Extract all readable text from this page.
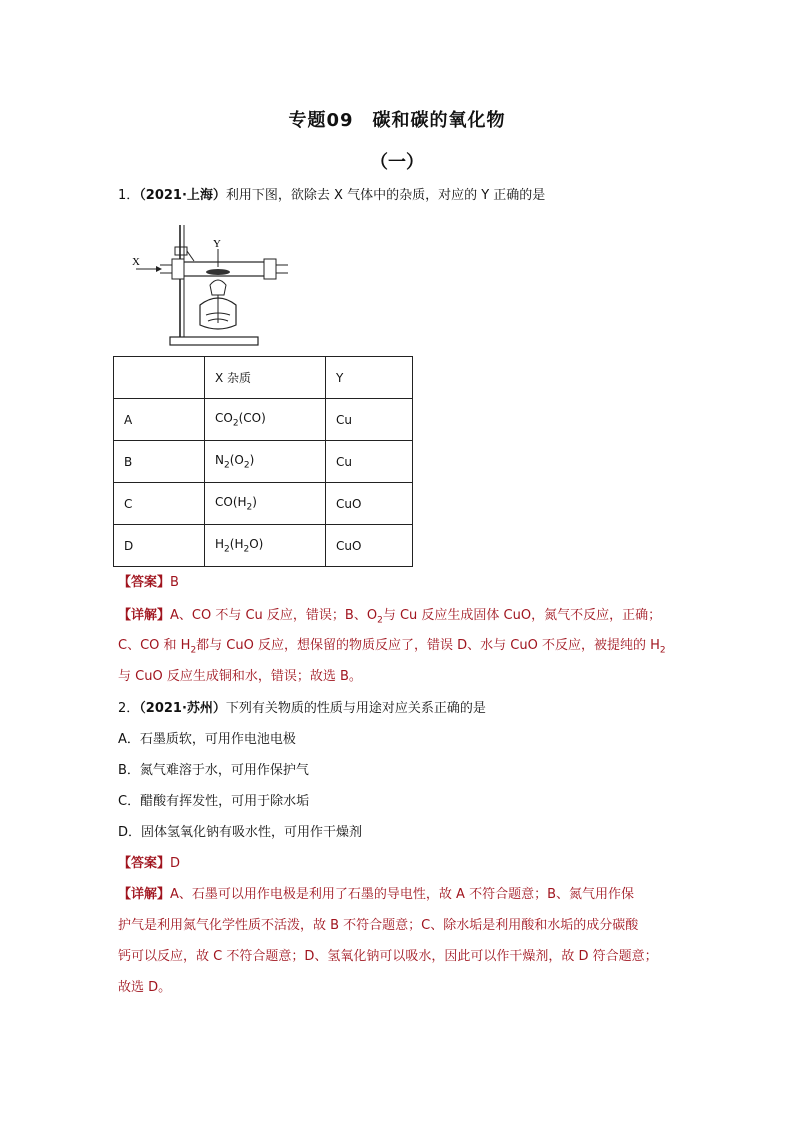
专题09　碳和碳的氧化物
（一）
1．（2021·上海）利用下图，欲除去 X 气体中的杂质，对应的 Y 正确的是
X
Y
	X 杂质	Y
A	$CO_2(CO)$	Cu
B	$N_2(O_2)$	Cu
C	$CO(H_2)$	CuO
D	$H_2(H_2O)$	CuO
【答案】B
【详解】A、CO 不与 Cu 反应，错误；B、$O_2$与 Cu 反应生成固体 CuO，氮气不反应，正确；
C、CO 和 $H_2$都与 CuO 反应，想保留的物质反应了，错误 D、水与 CuO 不反应，被提纯的 $H_2$
与 CuO 反应生成铜和水，错误；故选 B。
2．（2021·苏州）下列有关物质的性质与用途对应关系正确的是
A．石墨质软，可用作电池电极
B．氮气难溶于水，可用作保护气
C．醋酸有挥发性，可用于除水垢
D．固体氢氧化钠有吸水性，可用作干燥剂
【答案】D
【详解】A、石墨可以用作电极是利用了石墨的导电性，故 A 不符合题意；B、氮气用作保
护气是利用氮气化学性质不活泼，故 B 不符合题意；C、除水垢是利用酸和水垢的成分碳酸
钙可以反应，故 C 不符合题意；D、氢氧化钠可以吸水，因此可以作干燥剂，故 D 符合题意；
故选 D。
